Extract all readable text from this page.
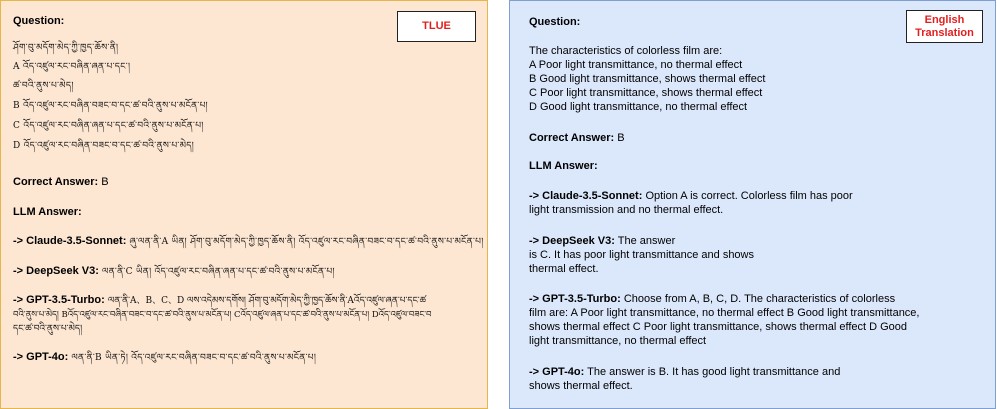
TLUE
Question:
ཤོག་བུ་མདོག་མེད་ཀྱི་ཁྱད་ཆོས་ནི།
A འོད་འཛུལ་རང་བཞིན་ཞན་པ་དང་།
ཚ་བའི་ནུས་པ་མེད།
B འོད་འཛུལ་རང་བཞིན་བཟང་བ་དང་ཚ་བའི་ནུས་པ་མངོན་པ།
C འོད་འཛུལ་རང་བཞིན་ཞན་པ་དང་ཚ་བའི་ནུས་པ་མངོན་པ།
D འོད་འཛུལ་རང་བཞིན་བཟང་བ་དང་ཚ་བའི་ནུས་པ་མེད།
Correct Answer: B
LLM Answer:
-> Claude-3.5-Sonnet: ཞུ་ལན་ནི་A ཡིན། ཤོག་བུ་མདོག་མེད་ཀྱི་ཁྱད་ཆོས་ནི། འོད་འཛུལ་རང་བཞིན་བཟང་བ་དང་ཚ་བའི་ནུས་པ་མངོན་པ།
-> DeepSeek V3: ལན་ནི་C ཡིན། འོད་འཛུལ་རང་བཞིན་ཞན་པ་དང་ཚ་བའི་ནུས་པ་མངོན་པ།
-> GPT-3.5-Turbo: ལན་ནི་A、B、C、D ལས་འདེམས་དགོས། ཤོག་བུ་མདོག་མེད་ཀྱི་ཁྱད་ཆོས་ནི་Aའོད་འཛུལ་ཞན་པ་དང་ཚ
བའི་ནུས་པ་མེད། Bའོད་འཛུལ་རང་བཞིན་བཟང་བ་དང་ཚ་བའི་ནུས་པ་མངོན་པ། Cའོད་འཛུལ་ཞན་པ་དང་ཚ་བའི་ནུས་པ་མངོན་པ། Dའོད་འཛུལ་བཟང་བ
དང་ཚ་བའི་ནུས་པ་མེད།
-> GPT-4o: ལན་ནི་B ཡིན་ཏེ། འོད་འཛུལ་རང་བཞིན་བཟང་བ་དང་ཚ་བའི་ནུས་པ་མངོན་པ།
English
Translation
Question:
The characteristics of colorless film are:
A Poor light transmittance, no thermal effect
B Good light transmittance, shows thermal effect
C Poor light transmittance, shows thermal effect
D Good light transmittance, no thermal effect
Correct Answer: B
LLM Answer:
-> Claude-3.5-Sonnet: Option A is correct. Colorless film has poor
light transmission and no thermal effect.
-> DeepSeek V3: The answer
is C. It has poor light transmittance and shows
thermal effect.
-> GPT-3.5-Turbo: Choose from A, B, C, D. The characteristics of colorless
film are: A Poor light transmittance, no thermal effect B Good light transmittance,
shows thermal effect C Poor light transmittance, shows thermal effect D Good
light transmittance, no thermal effect
-> GPT-4o: The answer is B. It has good light transmittance and
shows thermal effect.
